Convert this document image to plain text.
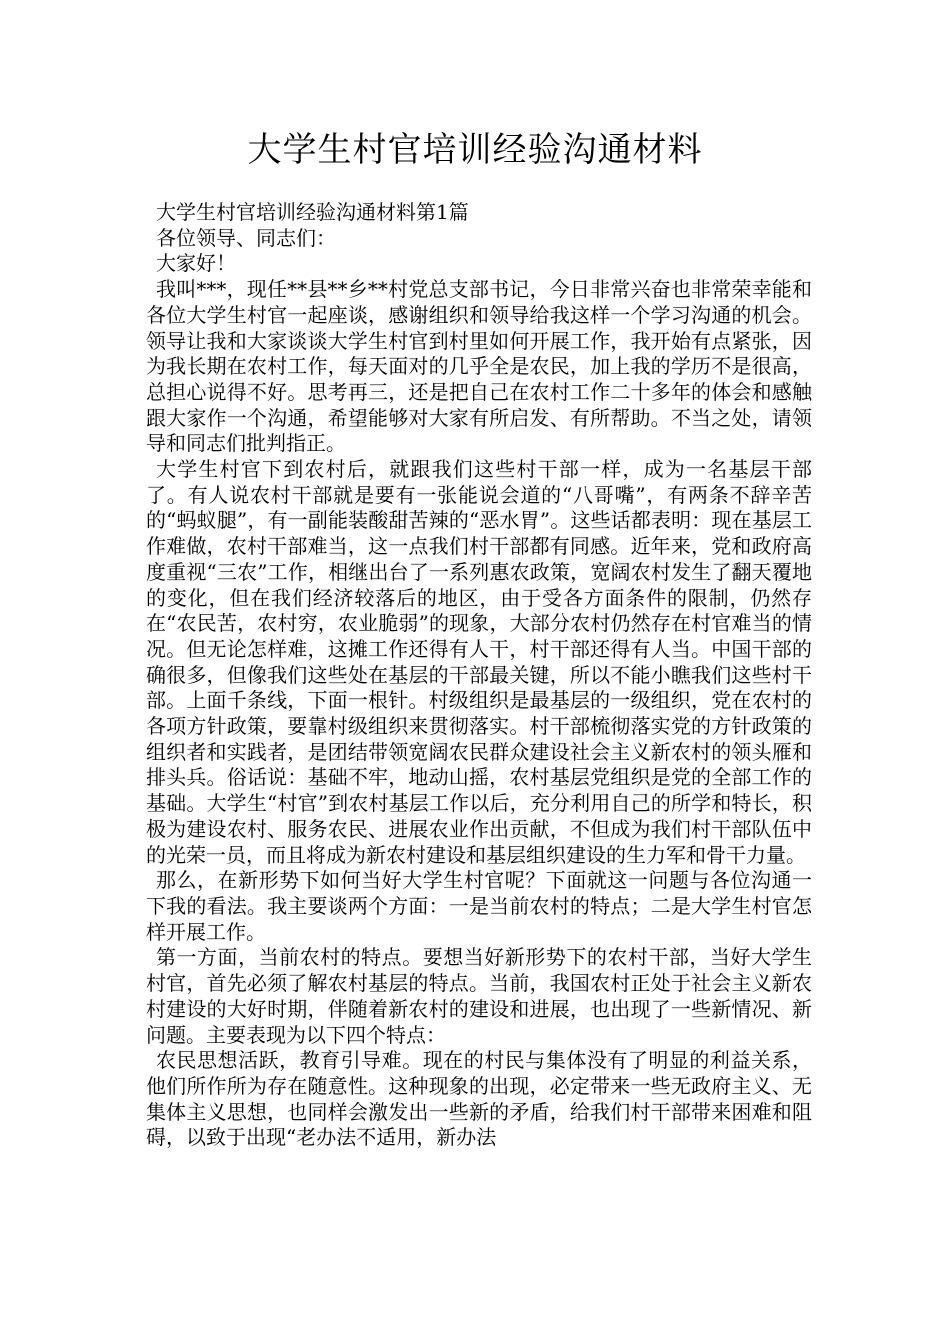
大学生村官培训经验沟通材料

大学生村官培训经验沟通材料第1篇

各位领导、同志们：

大家好！

我叫***，现任**县**乡**村党总支部书记，今日非常兴奋也非常荣幸能和各位大学生村官一起座谈，感谢组织和领导给我这样一个学习沟通的机会。领导让我和大家谈谈大学生村官到村里如何开展工作，我开始有点紧张，因为我长期在农村工作，每天面对的几乎全是农民，加上我的学历不是很高，总担心说得不好。思考再三，还是把自己在农村工作二十多年的体会和感触跟大家作一个沟通，希望能够对大家有所启发、有所帮助。不当之处，请领导和同志们批判指正。

大学生村官下到农村后，就跟我们这些村干部一样，成为一名基层干部了。有人说农村干部就是要有一张能说会道的“八哥嘴”，有两条不辞辛苦的“蚂蚁腿”，有一副能装酸甜苦辣的“恶水胃”。这些话都表明：现在基层工作难做，农村干部难当，这一点我们村干部都有同感。近年来，党和政府高度重视“三农”工作，相继出台了一系列惠农政策，宽阔农村发生了翻天覆地的变化，但在我们经济较落后的地区，由于受各方面条件的限制，仍然存在“农民苦，农村穷，农业脆弱”的现象，大部分农村仍然存在村官难当的情况。但无论怎样难，这摊工作还得有人干，村干部还得有人当。中国干部的确很多，但像我们这些处在基层的干部最关键，所以不能小瞧我们这些村干部。上面千条线，下面一根针。村级组织是最基层的一级组织，党在农村的各项方针政策，要靠村级组织来贯彻落实。村干部梳彻落实党的方针政策的组织者和实践者，是团结带领宽阔农民群众建设社会主义新农村的领头雁和排头兵。俗话说：基础不牢，地动山摇，农村基层党组织是党的全部工作的基础。大学生“村官”到农村基层工作以后，充分利用自己的所学和特长，积极为建设农村、服务农民、进展农业作出贡献，不但成为我们村干部队伍中的光荣一员，而且将成为新农村建设和基层组织建设的生力军和骨干力量。

那么，在新形势下如何当好大学生村官呢？下面就这一问题与各位沟通一下我的看法。我主要谈两个方面：一是当前农村的特点；二是大学生村官怎样开展工作。

第一方面，当前农村的特点。要想当好新形势下的农村干部，当好大学生村官，首先必须了解农村基层的特点。当前，我国农村正处于社会主义新农村建设的大好时期，伴随着新农村的建设和进展，也出现了一些新情况、新问题。主要表现为以下四个特点：

农民思想活跃，教育引导难。现在的村民与集体没有了明显的利益关系，他们所作所为存在随意性。这种现象的出现，必定带来一些无政府主义、无集体主义思想，也同样会激发出一些新的矛盾，给我们村干部带来困难和阻碍，以致于出现“老办法不适用，新办法
